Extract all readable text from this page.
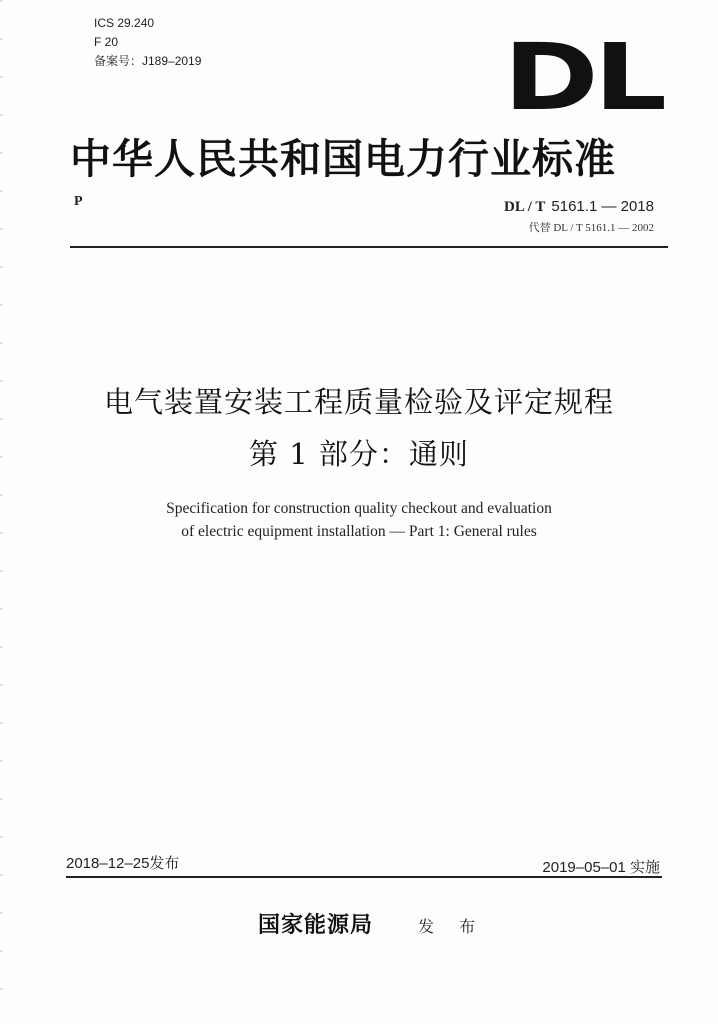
ICS 29.240
F 20
备案号：J189–2019	DL
中华人民共和国电力行业标准
P	DL / T 5161.1 — 2018
代替 DL / T 5161.1 — 2002
电气装置安装工程质量检验及评定规程
第 1 部分：通则
Specification for construction quality checkout and evaluation
of electric equipment installation — Part 1: General rules
2018–12–25发布	2019–05–01 实施
国家能源局	发 布
